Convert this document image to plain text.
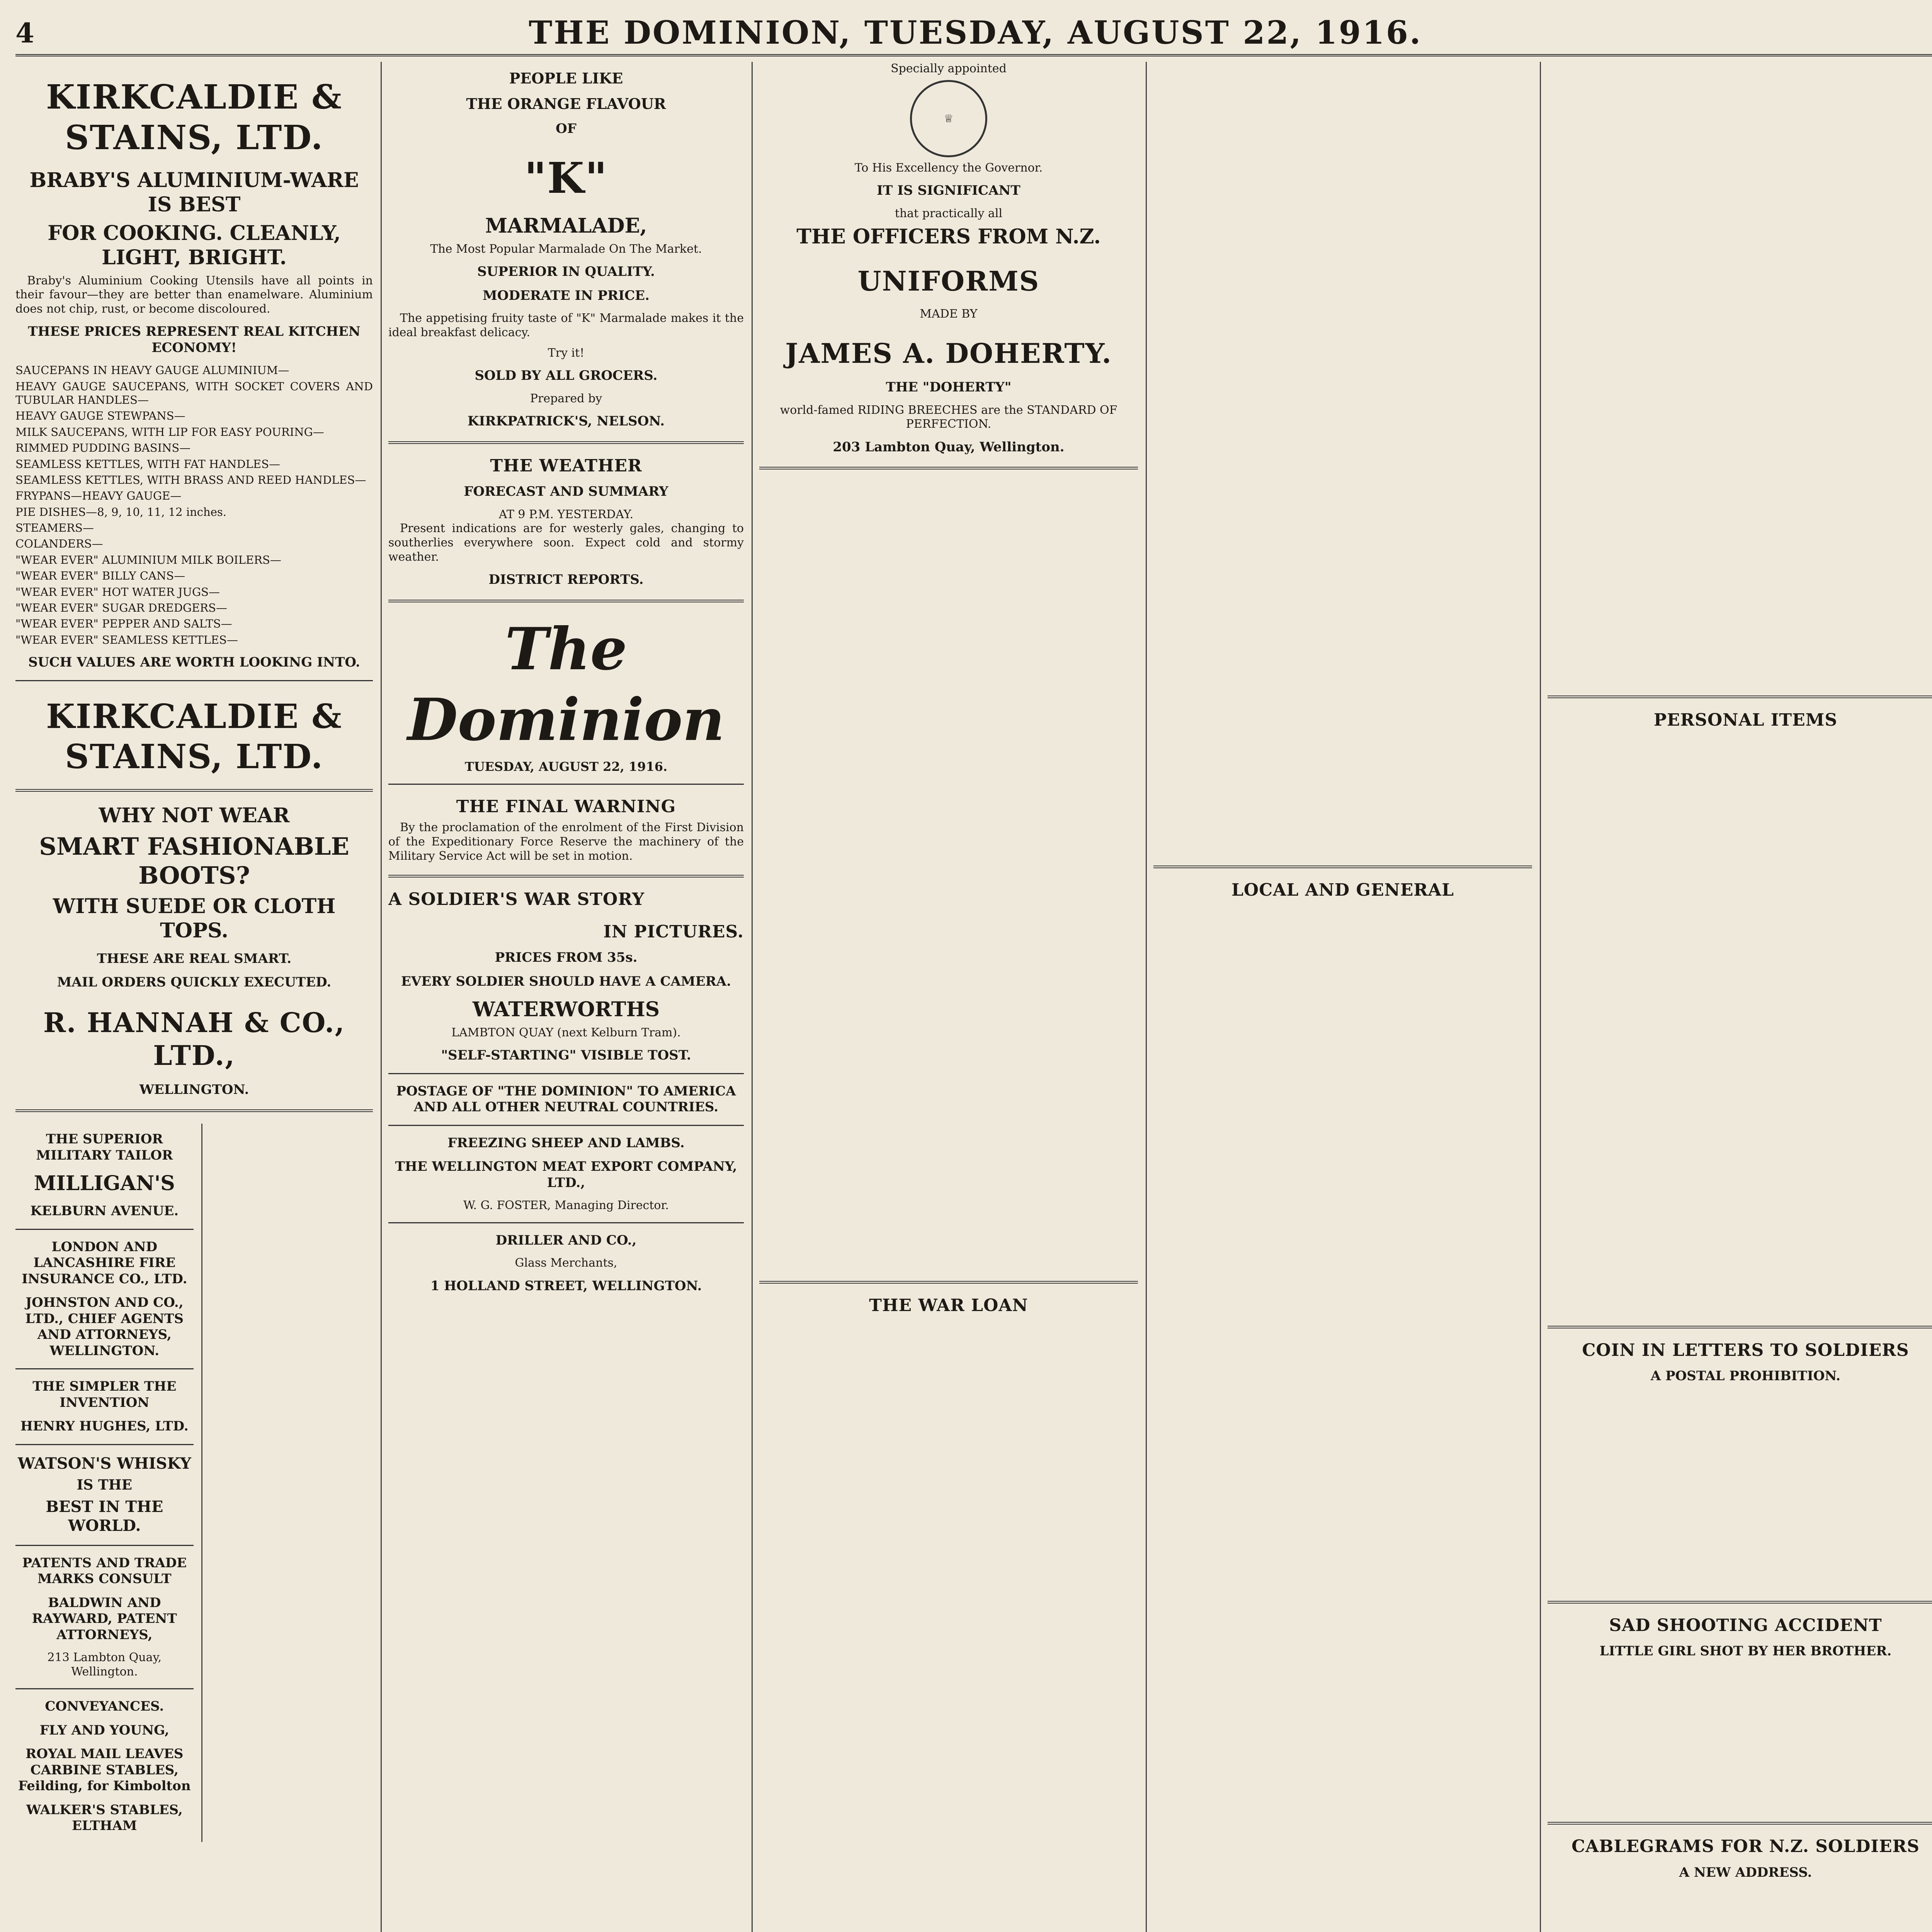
4	THE DOMINION, TUESDAY, AUGUST 22, 1916.
KIRKCALDIE & STAINS, LTD.
BRABY'S ALUMINIUM-WARE IS BEST
FOR COOKING. CLEANLY, LIGHT, BRIGHT.

Braby's Aluminium Cooking Utensils have all points in their favour—they are better than enamelware. Aluminium does not chip, rust, or become discoloured.

THESE PRICES REPRESENT REAL KITCHEN ECONOMY!
SAUCEPANS IN HEAVY GAUGE ALUMINIUM—
HEAVY GAUGE SAUCEPANS, WITH SOCKET COVERS AND TUBULAR HANDLES—
HEAVY GAUGE STEWPANS—
MILK SAUCEPANS, WITH LIP FOR EASY POURING—
RIMMED PUDDING BASINS—
SEAMLESS KETTLES, WITH FAT HANDLES—
SEAMLESS KETTLES, WITH BRASS AND REED HANDLES—
FRYPANS—HEAVY GAUGE—
PIE DISHES—8, 9, 10, 11, 12 inches.
STEAMERS—
COLANDERS—
"WEAR EVER" ALUMINIUM MILK BOILERS—
"WEAR EVER" BILLY CANS—
"WEAR EVER" HOT WATER JUGS—
"WEAR EVER" SUGAR DREDGERS—
"WEAR EVER" PEPPER AND SALTS—
"WEAR EVER" SEAMLESS KETTLES—
SUCH VALUES ARE WORTH LOOKING INTO.
KIRKCALDIE & STAINS, LTD.
WHY NOT WEAR
SMART FASHIONABLE BOOTS?
WITH SUEDE OR CLOTH TOPS.
THESE ARE REAL SMART.
MAIL ORDERS QUICKLY EXECUTED.
R. HANNAH & CO., LTD.,
WELLINGTON.
THE SUPERIOR MILITARY TAILOR
MILLIGAN'S
KELBURN AVENUE.
LONDON AND LANCASHIRE FIRE INSURANCE CO., LTD.
JOHNSTON AND CO., LTD., CHIEF AGENTS AND ATTORNEYS, WELLINGTON.
THE SIMPLER THE INVENTION
HENRY HUGHES, LTD.
WATSON'S WHISKY
IS THE
BEST IN THE WORLD.
PATENTS AND TRADE MARKS CONSULT
BALDWIN AND RAYWARD, PATENT ATTORNEYS,
213 Lambton Quay, Wellington.
CONVEYANCES.
FLY AND YOUNG,
ROYAL MAIL LEAVES CARBINE STABLES, Feilding, for Kimbolton
WALKER'S STABLES, ELTHAM
PEOPLE LIKE
THE ORANGE FLAVOUR
OF
"K"
MARMALADE,
The Most Popular Marmalade On The Market.
SUPERIOR IN QUALITY.
MODERATE IN PRICE.

The appetising fruity taste of "K" Marmalade makes it the ideal breakfast delicacy.

Try it!
SOLD BY ALL GROCERS.
Prepared by
KIRKPATRICK'S, NELSON.
THE WEATHER
FORECAST AND SUMMARY
AT 9 P.M. YESTERDAY.

Present indications are for westerly gales, changing to southerlies everywhere soon. Expect cold and stormy weather.

DISTRICT REPORTS.
The Dominion
TUESDAY, AUGUST 22, 1916.
THE FINAL WARNING

By the proclamation of the enrolment of the First Division of the Expeditionary Force Reserve the machinery of the Military Service Act will be set in motion.

A SOLDIER'S WAR STORY
IN PICTURES.
PRICES FROM 35s.
EVERY SOLDIER SHOULD HAVE A CAMERA.
WATERWORTHS
LAMBTON QUAY (next Kelburn Tram).
"SELF-STARTING" VISIBLE TOST.
POSTAGE OF "THE DOMINION" TO AMERICA AND ALL OTHER NEUTRAL COUNTRIES.
FREEZING SHEEP AND LAMBS.
THE WELLINGTON MEAT EXPORT COMPANY, LTD.,
W. G. FOSTER, Managing Director.
DRILLER AND CO.,
Glass Merchants,
1 HOLLAND STREET, WELLINGTON.
Specially appointed
♕
To His Excellency the Governor.
IT IS SIGNIFICANT
that practically all
THE OFFICERS FROM N.Z.
UNIFORMS
MADE BY
JAMES A. DOHERTY.
THE "DOHERTY"
world-famed RIDING BREECHES are the STANDARD OF PERFECTION.
203 Lambton Quay, Wellington.
THE WAR LOAN
LOCAL AND GENERAL
PERSONAL ITEMS
COIN IN LETTERS TO SOLDIERS
A POSTAL PROHIBITION.
SAD SHOOTING ACCIDENT
LITTLE GIRL SHOT BY HER BROTHER.
CABLEGRAMS FOR N.Z. SOLDIERS
A NEW ADDRESS.
